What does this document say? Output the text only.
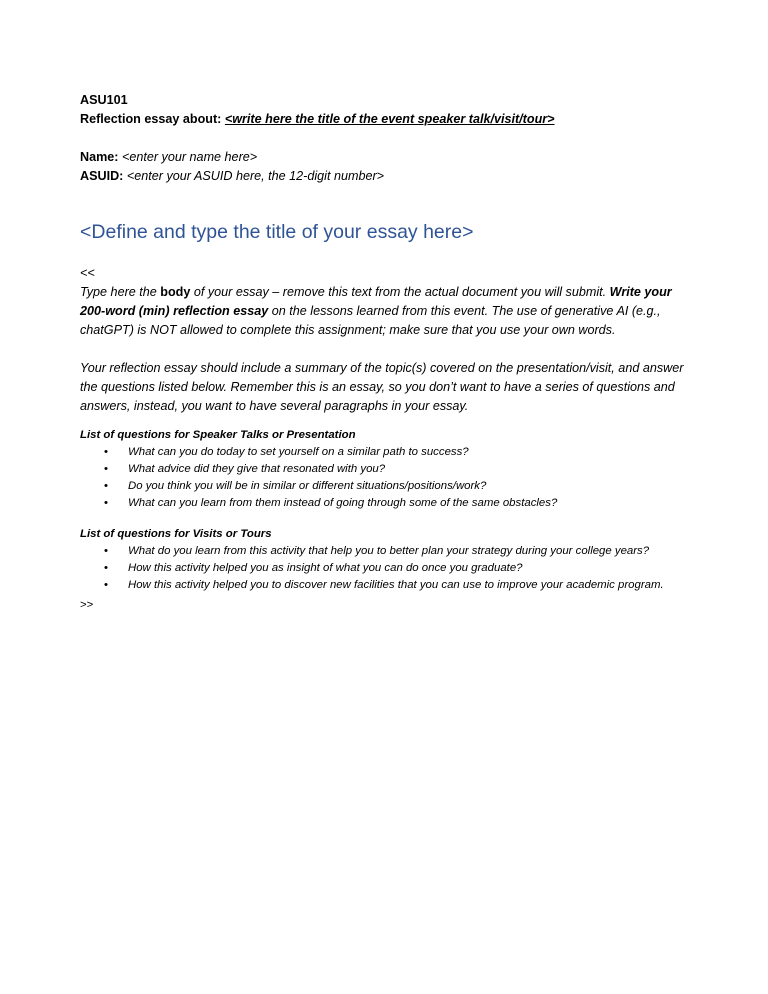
ASU101

Reflection essay about: <write here the title of the event speaker talk/visit/tour>

Name: <enter your name here>

ASUID: <enter your ASUID here, the 12-digit number>

<Define and type the title of your essay here>

<<

Type here the body of your essay – remove this text from the actual document you will submit. Write your 200-word (min) reflection essay on the lessons learned from this event. The use of generative AI (e.g., chatGPT) is NOT allowed to complete this assignment; make sure that you use your own words.

Your reflection essay should include a summary of the topic(s) covered on the presentation/visit, and answer the questions listed below. Remember this is an essay, so you don’t want to have a series of questions and answers, instead, you want to have several paragraphs in your essay.

List of questions for Speaker Talks or Presentation

• What can you do today to set yourself on a similar path to success?
• What advice did they give that resonated with you?
• Do you think you will be in similar or different situations/positions/work?
• What can you learn from them instead of going through some of the same obstacles?

List of questions for Visits or Tours

• What do you learn from this activity that help you to better plan your strategy during your college years?
• How this activity helped you as insight of what you can do once you graduate?
• How this activity helped you to discover new facilities that you can use to improve your academic program.

>>
